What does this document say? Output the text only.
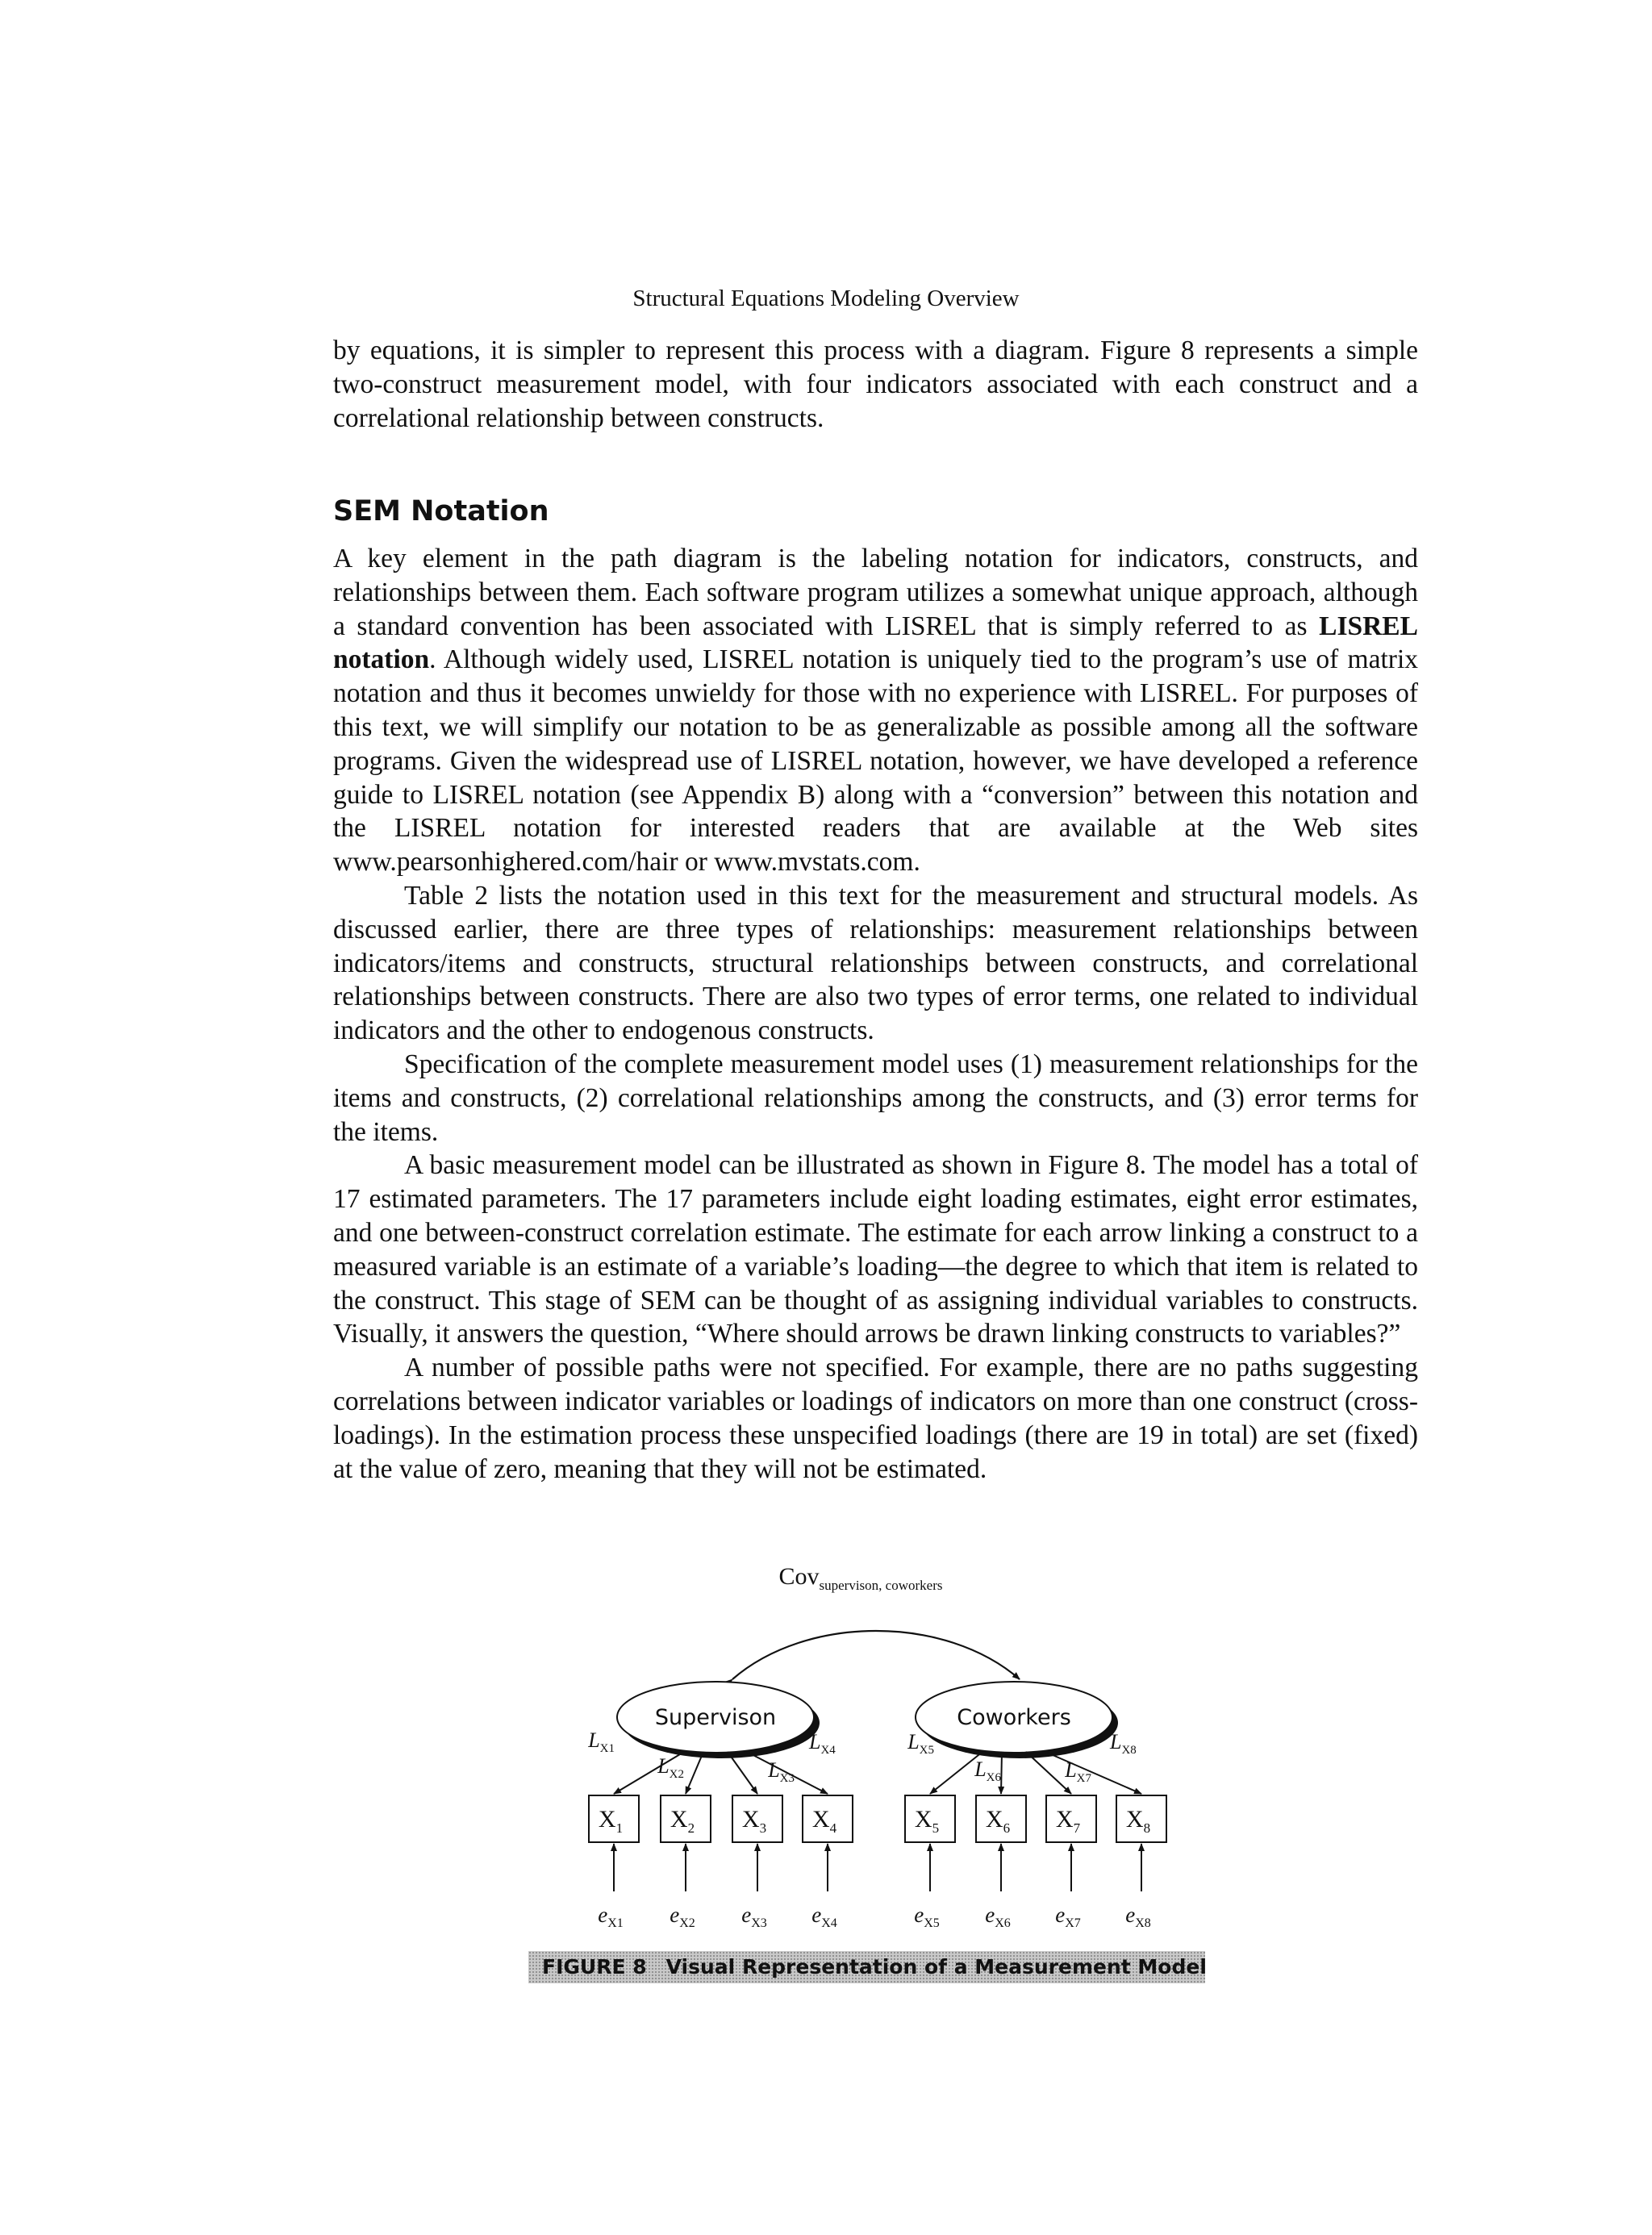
Structural Equations Modeling Overview

by equations, it is simpler to represent this process with a diagram. Figure 8 represents a simple two-construct measurement model, with four indicators associated with each construct and a correlational relationship between constructs.

SEM Notation

A key element in the path diagram is the labeling notation for indicators, constructs, and relationships between them. Each software program utilizes a somewhat unique approach, although a standard convention has been associated with LISREL that is simply referred to as LISREL notation. Although widely used, LISREL notation is uniquely tied to the program’s use of matrix notation and thus it becomes unwieldy for those with no experience with LISREL. For purposes of this text, we will simplify our notation to be as generalizable as possible among all the software programs. Given the widespread use of LISREL notation, however, we have developed a reference guide to LISREL notation (see Appendix B) along with a “conversion” between this notation and the LISREL notation for interested readers that are available at the Web sites www.pearsonhighered.com/hair or www.mvstats.com.

Table 2 lists the notation used in this text for the measurement and structural models. As discussed earlier, there are three types of relationships: measurement relationships between indicators/items and constructs, structural relationships between constructs, and correlational relationships between constructs. There are also two types of error terms, one related to individual indicators and the other to endogenous constructs.

Specification of the complete measurement model uses (1) measurement relationships for the items and constructs, (2) correlational relationships among the constructs, and (3) error terms for the items.

A basic measurement model can be illustrated as shown in Figure 8. The model has a total of 17 estimated parameters. The 17 parameters include eight loading estimates, eight error estimates, and one between-construct correlation estimate. The estimate for each arrow linking a construct to a measured variable is an estimate of a variable’s loading—the degree to which that item is related to the construct. This stage of SEM can be thought of as assigning individual variables to constructs. Visually, it answers the question, “Where should arrows be drawn linking constructs to variables?”

A number of possible paths were not specified. For example, there are no paths suggesting correlations between indicator variables or loadings of indicators on more than one construct (cross-loadings). In the estimation process these unspecified loadings (there are 19 in total) are set (fixed) at the value of zero, meaning that they will not be estimated.

Cov$_{supervison, coworkers}$
Supervison	Coworkers
$X_1$
$L_{X1}$
$e_{X1}$
$X_2$
$L_{X2}$
$e_{X2}$
$X_3$
$L_{X3}$
$e_{X3}$
$X_4$
$L_{X4}$
$e_{X4}$
$X_5$
$L_{X5}$
$e_{X5}$
$X_6$
$L_{X6}$
$e_{X6}$
$X_7$
$L_{X7}$
$e_{X7}$
$X_8$
$L_{X8}$
$e_{X8}$
FIGURE 8 Visual Representation of a Measurement Model
